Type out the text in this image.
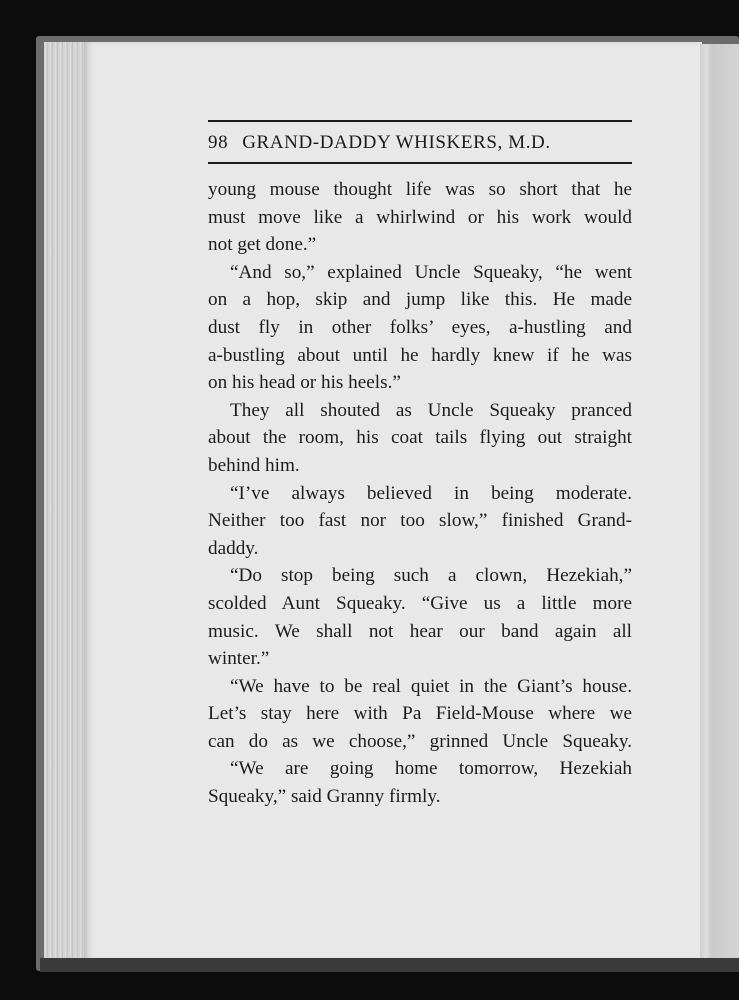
98 GRAND-DADDY WHISKERS, M.D.
young mouse thought life was so short that he
must move like a whirlwind or his work would
not get done.”
“And so,” explained Uncle Squeaky, “he went
on a hop, skip and jump like this. He made
dust fly in other folks’ eyes, a-hustling and
a-bustling about until he hardly knew if he was
on his head or his heels.”
They all shouted as Uncle Squeaky pranced
about the room, his coat tails flying out straight
behind him.
“I’ve always believed in being moderate.
Neither too fast nor too slow,” finished Grand-
daddy.
“Do stop being such a clown, Hezekiah,”
scolded Aunt Squeaky. “Give us a little more
music. We shall not hear our band again all
winter.”
“We have to be real quiet in the Giant’s house.
Let’s stay here with Pa Field-Mouse where we
can do as we choose,” grinned Uncle Squeaky.
“We are going home tomorrow, Hezekiah
Squeaky,” said Granny firmly.
